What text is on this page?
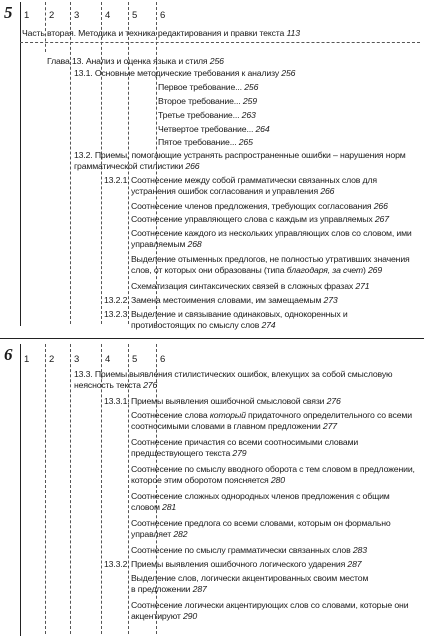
5 1 2 3	4 5 6
Часть вторая. Методика и техника редактирования и правки текста 113
Глава 13. Анализ и оценка языка и стиля 256
13.1. Основные методические требования к анализу 256
Первое требование... 256
Второе требование... 259
Третье требование... 263
Четвертое требование... 264
Пятое требование... 265
13.2. Приемы, помогающие устранять распространенные ошибки – нарушения норм грамматической стилистики 266
13.2.1. Соотнесение между собой грамматически связанных слов для устранения ошибок согласования и управления 266
Соотнесение членов предложения, требующих согласования 266
Соотнесение управляющего слова с каждым из управляемых 267
Соотнесение каждого из нескольких управляющих слов со словом, ими управляемым 268
Выделение отыменных предлогов, не полностью утративших значения слов, от которых они образованы (типа благодаря, за счет) 269
Схематизация синтаксических связей в сложных фразах 271
13.2.2. Замена местоимения словами, им замещаемым 273
13.2.3. Выделение и связывание одинаковых, однокоренных и противостоящих по смыслу слов 274
6 1 2 3	4 5 6
13.3. Приемы выявления стилистических ошибок, влекущих за собой смысловую неясность текста 276
13.3.1. Приемы выявления ошибочной смысловой связи 276
Соотнесение слова который придаточного определительного со всеми соотносимыми словами в главном предложении 277
Соотнесение причастия со всеми соотносимыми словами предшествующего текста 279
Соотнесение по смыслу вводного оборота с тем словом в предложении, которое этим оборотом поясняется 280
Соотнесение сложных однородных членов предложения с общим словом 281
Соотнесение предлога со всеми словами, которым он формально управляет 282
Соотнесение по смыслу грамматически связанных слов 283
13.3.2. Приемы выявления ошибочного логического ударения 287
Выделение слов, логически акцентированных своим местом в предложении 287
Соотнесение логически акцентирующих слов со словами, которые они акцентируют 290
